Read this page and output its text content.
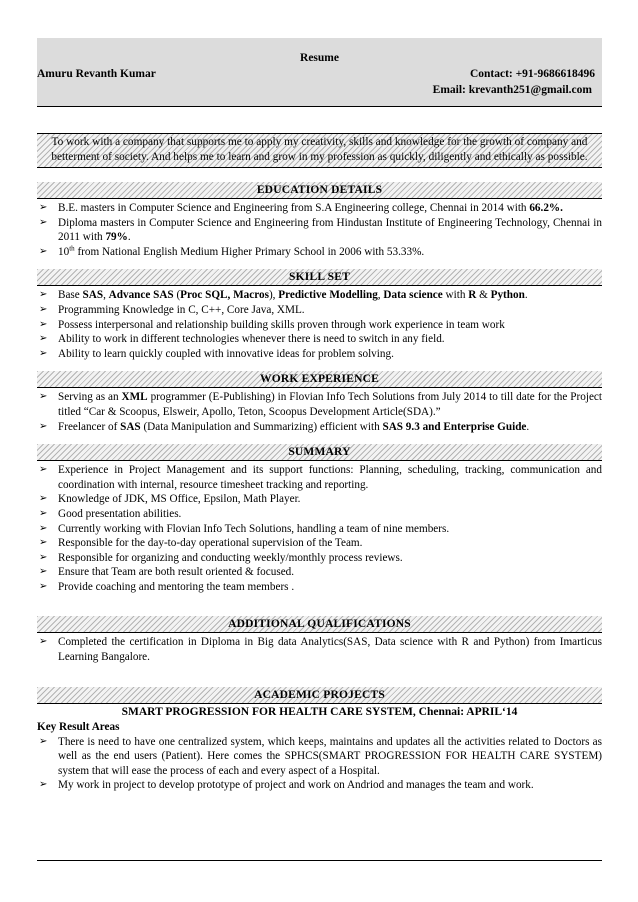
Resume
Amuru Revanth Kumar	Contact: +91-9686618496
Email: krevanth251@gmail.com
To work with a company that supports me to apply my creativity, skills and knowledge for the growth of company and betterment of society. And helps me to learn and grow in my profession as quickly, diligently and ethically as possible.
EDUCATION DETAILS
➢ B.E. masters in Computer Science and Engineering from S.A Engineering college, Chennai in 2014 with 66.2%.
➢ Diploma masters in Computer Science and Engineering from Hindustan Institute of Engineering Technology, Chennai in 2011 with 79%.
➢ 10th from National English Medium Higher Primary School in 2006 with 53.33%.
SKILL SET
➢ Base SAS, Advance SAS (Proc SQL, Macros), Predictive Modelling, Data science with R & Python.
➢ Programming Knowledge in C, C++, Core Java, XML.
➢ Possess interpersonal and relationship building skills proven through work experience in team work
➢ Ability to work in different technologies whenever there is need to switch in any field.
➢ Ability to learn quickly coupled with innovative ideas for problem solving.
WORK EXPERIENCE
➢ Serving as an XML programmer (E-Publishing) in Flovian Info Tech Solutions from July 2014 to till date for the Project titled “Car & Scoopus, Elsweir, Apollo, Teton, Scoopus Development Article(SDA).”
➢ Freelancer of SAS (Data Manipulation and Summarizing) efficient with SAS 9.3 and Enterprise Guide.
SUMMARY
➢ Experience in Project Management and its support functions: Planning, scheduling, tracking, communication and coordination with internal, resource timesheet tracking and reporting.
➢ Knowledge of JDK, MS Office, Epsilon, Math Player.
➢ Good presentation abilities.
➢ Currently working with Flovian Info Tech Solutions, handling a team of nine members.
➢ Responsible for the day-to-day operational supervision of the Team.
➢ Responsible for organizing and conducting weekly/monthly process reviews.
➢ Ensure that Team are both result oriented & focused.
➢ Provide coaching and mentoring the team members .
ADDITIONAL QUALIFICATIONS
➢ Completed the certification in Diploma in Big data Analytics(SAS, Data science with R and Python) from Imarticus Learning Bangalore.
ACADEMIC PROJECTS
SMART PROGRESSION FOR HEALTH CARE SYSTEM, Chennai: APRIL‘14
Key Result Areas
➢ There is need to have one centralized system, which keeps, maintains and updates all the activities related to Doctors as well as the end users (Patient). Here comes the SPHCS(SMART PROGRESSION FOR HEALTH CARE SYSTEM) system that will ease the process of each and every aspect of a Hospital.
➢ My work in project to develop prototype of project and work on Andriod and manages the team and work.
